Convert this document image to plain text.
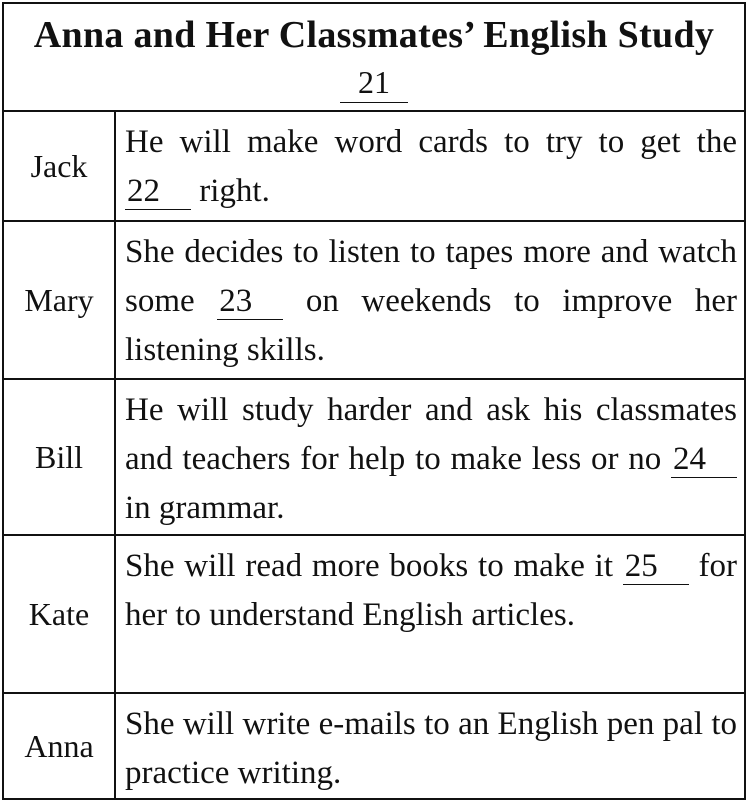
Anna and Her Classmates’ English Study
21
Jack
He will make word cards to try to get the 22 right.
Mary
She decides to listen to tapes more and watch some 23 on weekends to improve her listening skills.
Bill
He will study harder and ask his classmates and teachers for help to make less or no 24 in grammar.
Kate
She will read more books to make it 25 for her to understand English articles.
Anna
She will write e-mails to an English pen pal to practice writing.
